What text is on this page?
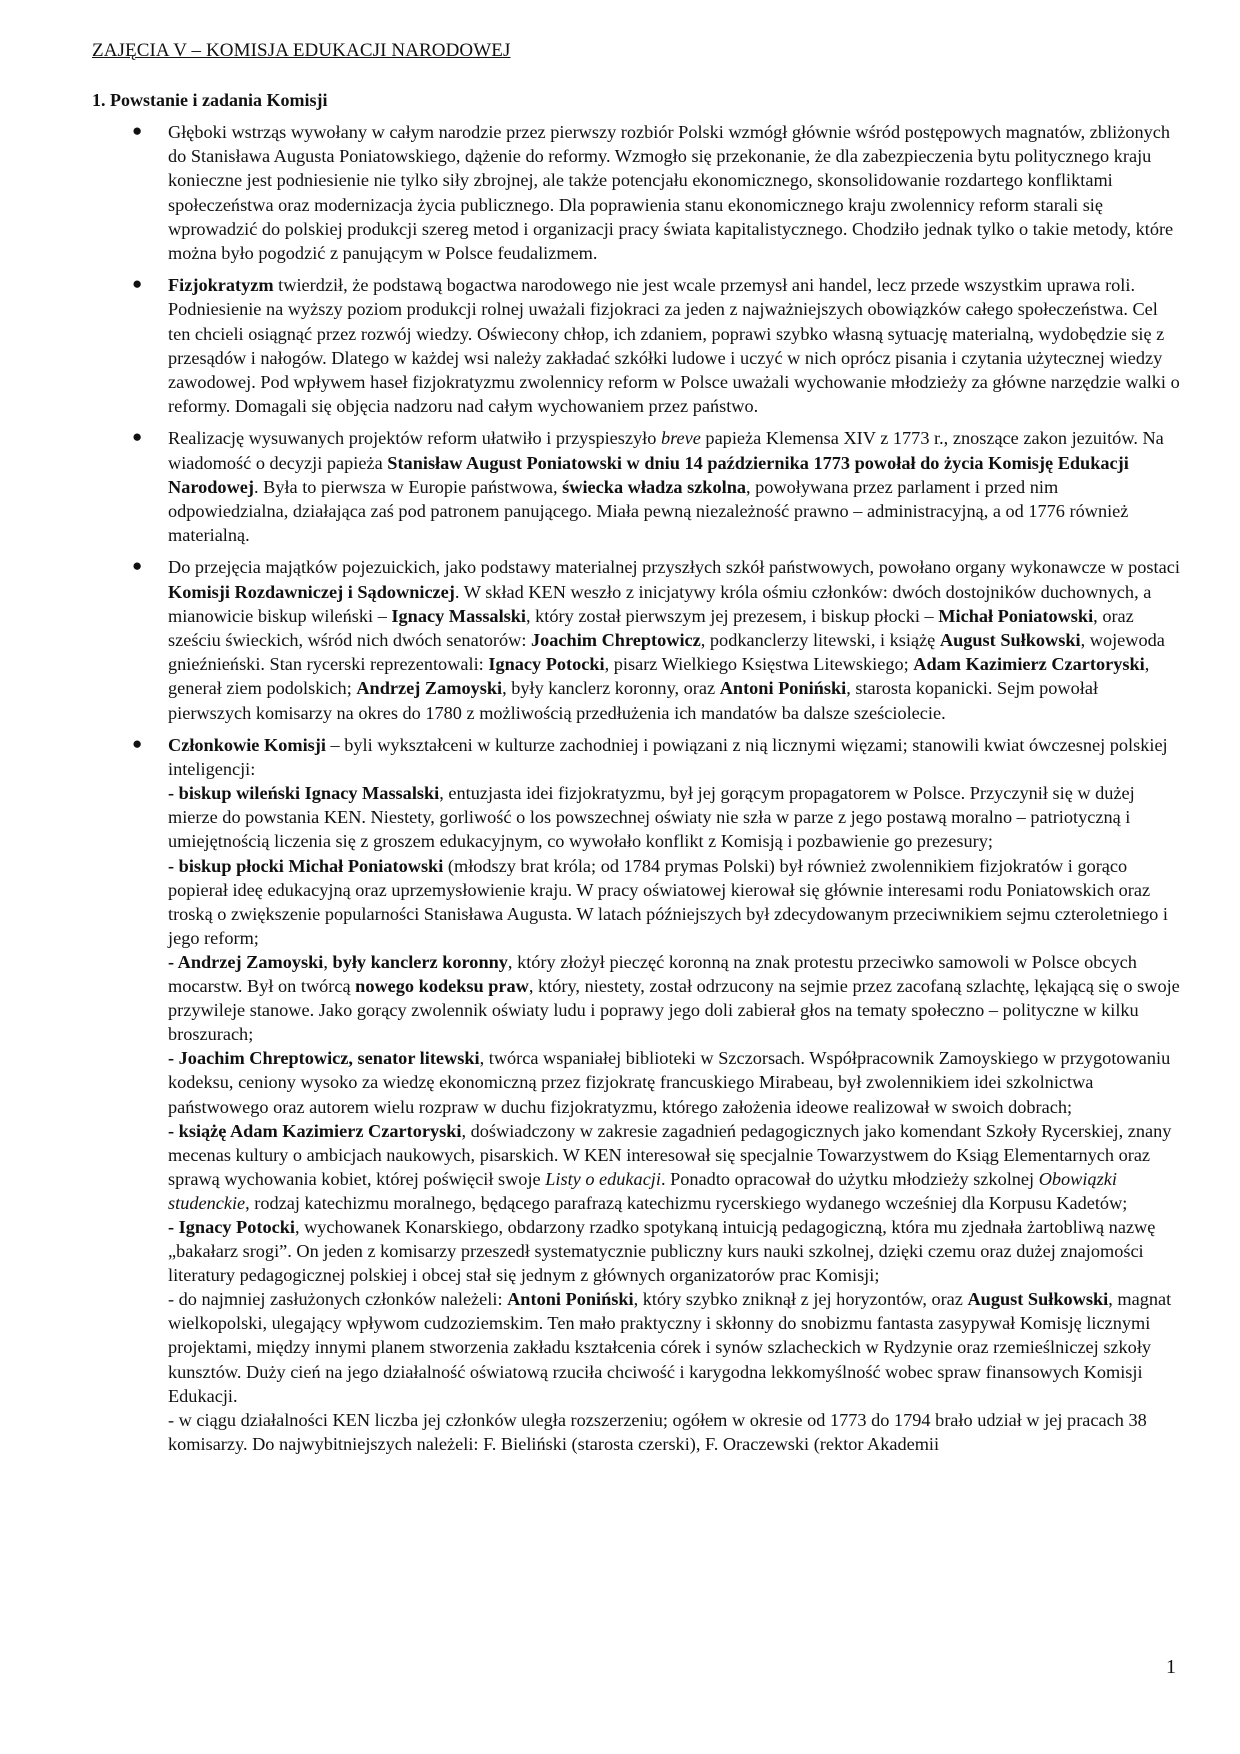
ZAJĘCIA V – KOMISJA EDUKACJI NARODOWEJ
1. Powstanie i zadania Komisji
● Głęboki wstrząs wywołany w całym narodzie przez pierwszy rozbiór Polski wzmógł głównie wśród postępowych magnatów, zbliżonych do Stanisława Augusta Poniatowskiego, dążenie do reformy. Wzmogło się przekonanie, że dla zabezpieczenia bytu politycznego kraju konieczne jest podniesienie nie tylko siły zbrojnej, ale także potencjału ekonomicznego, skonsolidowanie rozdartego konfliktami społeczeństwa oraz modernizacja życia publicznego. Dla poprawienia stanu ekonomicznego kraju zwolennicy reform starali się wprowadzić do polskiej produkcji szereg metod i organizacji pracy świata kapitalistycznego. Chodziło jednak tylko o takie metody, które można było pogodzić z panującym w Polsce feudalizmem.

● Fizjokratyzm twierdził, że podstawą bogactwa narodowego nie jest wcale przemysł ani handel, lecz przede wszystkim uprawa roli. Podniesienie na wyższy poziom produkcji rolnej uważali fizjokraci za jeden z najważniejszych obowiązków całego społeczeństwa. Cel ten chcieli osiągnąć przez rozwój wiedzy. Oświecony chłop, ich zdaniem, poprawi szybko własną sytuację materialną, wydobędzie się z przesądów i nałogów. Dlatego w każdej wsi należy zakładać szkółki ludowe i uczyć w nich oprócz pisania i czytania użytecznej wiedzy zawodowej. Pod wpływem haseł fizjokratyzmu zwolennicy reform w Polsce uważali wychowanie młodzieży za główne narzędzie walki o reformy. Domagali się objęcia nadzoru nad całym wychowaniem przez państwo.

● Realizację wysuwanych projektów reform ułatwiło i przyspieszyło breve papieża Klemensa XIV z 1773 r., znoszące zakon jezuitów. Na wiadomość o decyzji papieża Stanisław August Poniatowski w dniu 14 października 1773 powołał do życia Komisję Edukacji Narodowej. Była to pierwsza w Europie państwowa, świecka władza szkolna, powoływana przez parlament i przed nim odpowiedzialna, działająca zaś pod patronem panującego. Miała pewną niezależność prawno – administracyjną, a od 1776 również materialną.

● Do przejęcia majątków pojezuickich, jako podstawy materialnej przyszłych szkół państwowych, powołano organy wykonawcze w postaci Komisji Rozdawniczej i Sądowniczej. W skład KEN weszło z inicjatywy króla ośmiu członków: dwóch dostojników duchownych, a mianowicie biskup wileński – Ignacy Massalski, który został pierwszym jej prezesem, i biskup płocki – Michał Poniatowski, oraz sześciu świeckich, wśród nich dwóch senatorów: Joachim Chreptowicz, podkanclerzy litewski, i książę August Sułkowski, wojewoda gnieźnieński. Stan rycerski reprezentowali: Ignacy Potocki, pisarz Wielkiego Księstwa Litewskiego; Adam Kazimierz Czartoryski, generał ziem podolskich; Andrzej Zamoyski, były kanclerz koronny, oraz Antoni Poniński, starosta kopanicki. Sejm powołał pierwszych komisarzy na okres do 1780 z możliwością przedłużenia ich mandatów ba dalsze sześciolecie.

● Członkowie Komisji – byli wykształceni w kulturze zachodniej i powiązani z nią licznymi więzami; stanowili kwiat ówczesnej polskiej inteligencji:

- biskup wileński Ignacy Massalski, entuzjasta idei fizjokratyzmu, był jej gorącym propagatorem w Polsce. Przyczynił się w dużej mierze do powstania KEN. Niestety, gorliwość o los powszechnej oświaty nie szła w parze z jego postawą moralno – patriotyczną i umiejętnością liczenia się z groszem edukacyjnym, co wywołało konflikt z Komisją i pozbawienie go prezesury;

- biskup płocki Michał Poniatowski (młodszy brat króla; od 1784 prymas Polski) był również zwolennikiem fizjokratów i gorąco popierał ideę edukacyjną oraz uprzemysłowienie kraju. W pracy oświatowej kierował się głównie interesami rodu Poniatowskich oraz troską o zwiększenie popularności Stanisława Augusta. W latach późniejszych był zdecydowanym przeciwnikiem sejmu czteroletniego i jego reform;

- Andrzej Zamoyski, były kanclerz koronny, który złożył pieczęć koronną na znak protestu przeciwko samowoli w Polsce obcych mocarstw. Był on twórcą nowego kodeksu praw, który, niestety, został odrzucony na sejmie przez zacofaną szlachtę, lękającą się o swoje przywileje stanowe. Jako gorący zwolennik oświaty ludu i poprawy jego doli zabierał głos na tematy społeczno – polityczne w kilku broszurach;

- Joachim Chreptowicz, senator litewski, twórca wspaniałej biblioteki w Szczorsach. Współpracownik Zamoyskiego w przygotowaniu kodeksu, ceniony wysoko za wiedzę ekonomiczną przez fizjokratę francuskiego Mirabeau, był zwolennikiem idei szkolnictwa państwowego oraz autorem wielu rozpraw w duchu fizjokratyzmu, którego założenia ideowe realizował w swoich dobrach;

- książę Adam Kazimierz Czartoryski, doświadczony w zakresie zagadnień pedagogicznych jako komendant Szkoły Rycerskiej, znany mecenas kultury o ambicjach naukowych, pisarskich. W KEN interesował się specjalnie Towarzystwem do Ksiąg Elementarnych oraz sprawą wychowania kobiet, której poświęcił swoje Listy o edukacji. Ponadto opracował do użytku młodzieży szkolnej Obowiązki studenckie, rodzaj katechizmu moralnego, będącego parafrazą katechizmu rycerskiego wydanego wcześniej dla Korpusu Kadetów;

- Ignacy Potocki, wychowanek Konarskiego, obdarzony rzadko spotykaną intuicją pedagogiczną, która mu zjednała żartobliwą nazwę „bakałarz srogi”. On jeden z komisarzy przeszedł systematycznie publiczny kurs nauki szkolnej, dzięki czemu oraz dużej znajomości literatury pedagogicznej polskiej i obcej stał się jednym z głównych organizatorów prac Komisji;

- do najmniej zasłużonych członków należeli: Antoni Poniński, który szybko zniknął z jej horyzontów, oraz August Sułkowski, magnat wielkopolski, ulegający wpływom cudzoziemskim. Ten mało praktyczny i skłonny do snobizmu fantasta zasypywał Komisję licznymi projektami, między innymi planem stworzenia zakładu kształcenia córek i synów szlacheckich w Rydzynie oraz rzemieślniczej szkoły kunsztów. Duży cień na jego działalność oświatową rzuciła chciwość i karygodna lekkomyślność wobec spraw finansowych Komisji Edukacji.

- w ciągu działalności KEN liczba jej członków uległa rozszerzeniu; ogółem w okresie od 1773 do 1794 brało udział w jej pracach 38 komisarzy. Do najwybitniejszych należeli: F. Bieliński (starosta czerski), F. Oraczewski (rektor Akademii

1
